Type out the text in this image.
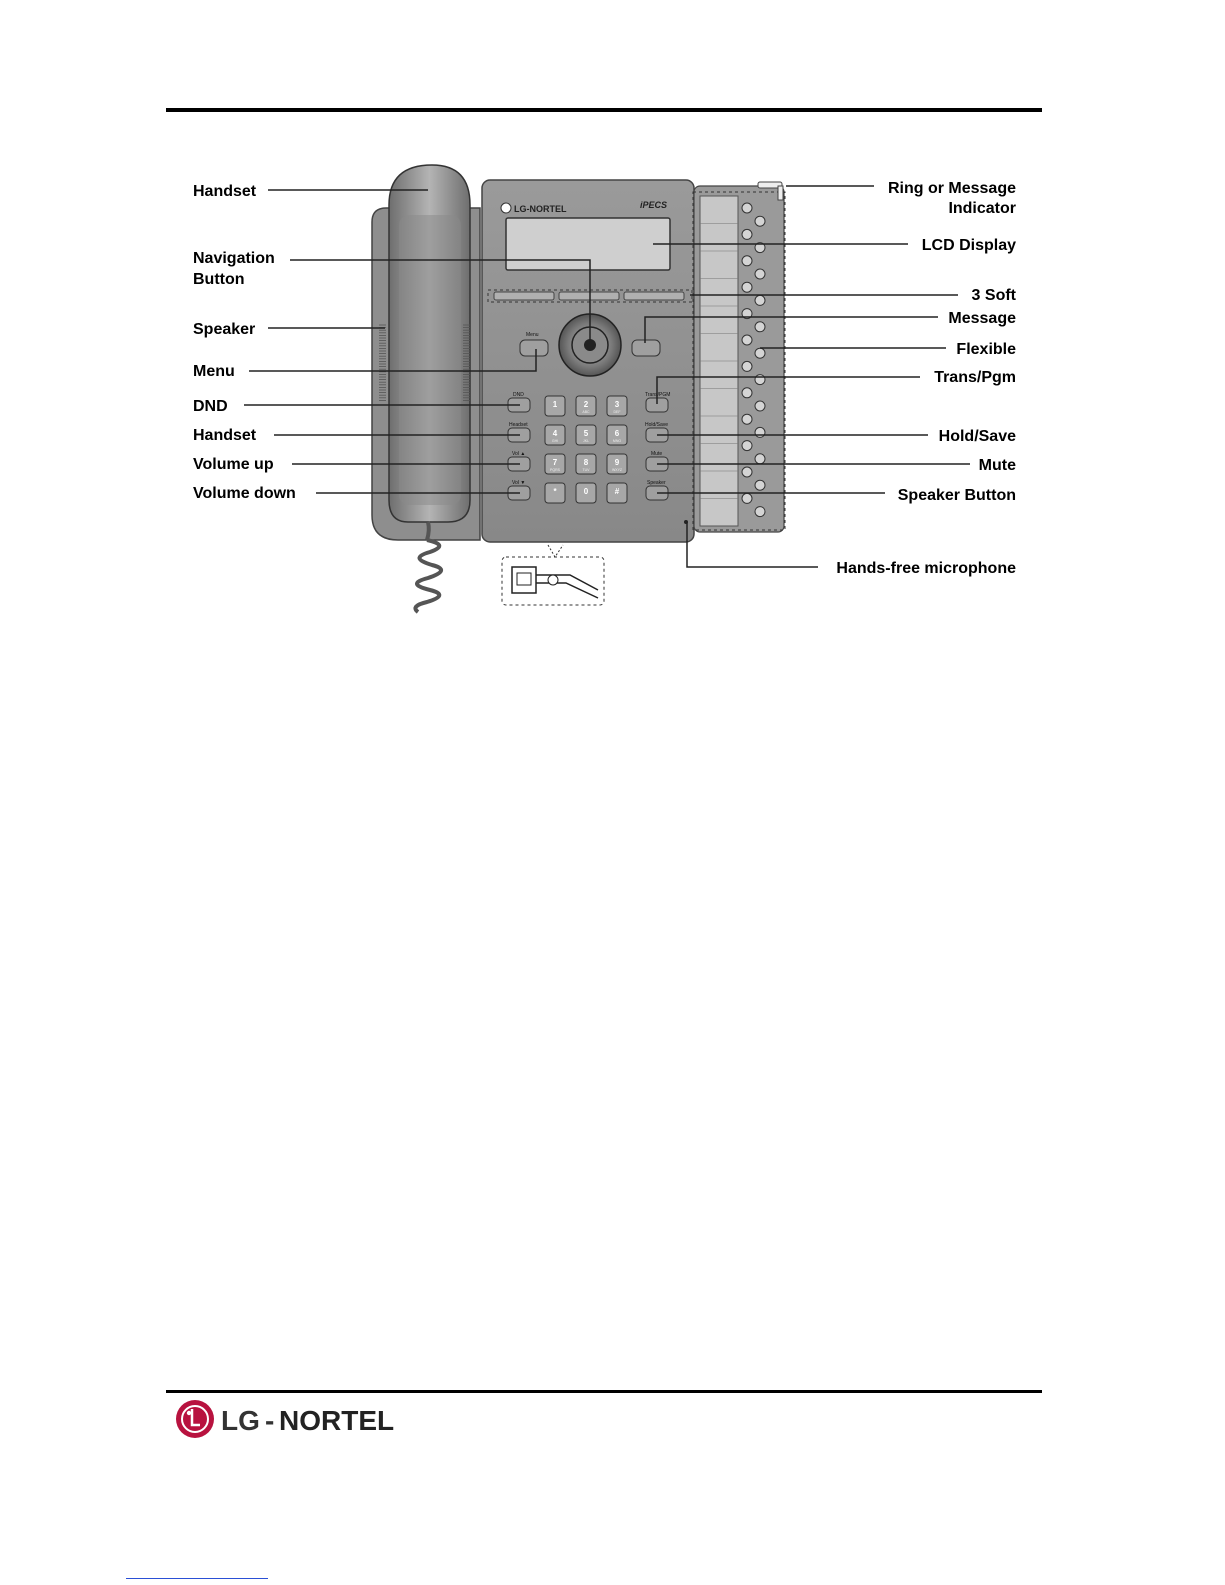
LG-NORTEL	iPECS
Menu
DND
Headset
Vol ▲
Vol ▼
Trans/PGM
Hold/Save
Mute
Speaker
1	2
ABC
3
DEF
4
GHI
5
JKL
6
MNO
7
PQRS
8
TUV
9
WXYZ
*	0	#
Handset
Navigation
Button
Speaker
Menu
DND
Handset
Volume up
Volume down
Ring or Message
Indicator
LCD Display
3 Soft
Message
Flexible
Trans/Pgm
Hold/Save
Mute
Speaker Button
Hands-free microphone
LG - NORTEL
